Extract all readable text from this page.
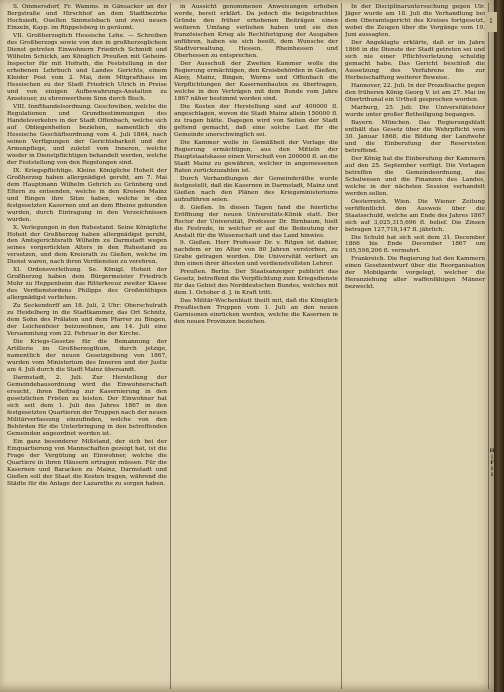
S. Ommersdorf, Fr. Wamms. in Gänsacker an der Bergstraße und Hirschhof an dem Stadtbezirke Hochsiedt, Ouellen Simmelsbach und zwei neuen Einzeln, Kayp. im Rüppelsberg in geräumt.

VII. Großherzoglich Hessische Lehe. — Schreiben des Großherzogs sowie von den in großherzoglichem Dienst getreten Einwohnern Friedrich Schmidt und Wilhelm Schickh, am Königlich Preußen mit Geheim-Inspector für mit Hofrath, die Feststellung in der erhobenen Lehrbuch und Landes Gerichts, einem Kleider Post vom 2. Mai, dem Mitgrafthaus im Hessischen zu der Stadt Friedrich Ulrich in Preise und von einigen Aufbewahrungs-Anstalten zu Anssteuer, zu ehrenwerthem Sinn durch Bisch.

VIII. Innfthandelsordnung. Geschreiben, welche die Regulationen und Grundbestimmungen des Handelsverkehrs in der Stadt Offenbach, welche sich auf Obliegenheiten beziehen, namentlich die Hessische Geschäftsordnung vom 4. Juli 1864, nach seinen Verfügungen der Gerichtsbarkeit und der Armenpflege, und zuletzt vom Inneren, welche wieder in Dienstpflichtigen behandelt werden, welche der Feststellung von den Regelungen sind.

IX. Kriegspflichtige. Kleine Königliche Hoheit der Großherzog haben allergnädigst geruht, am 7. Mai dem Hauptmann Wilhelm Gehrich zu Grünberg und Eltern zu entsenden, welche in den Kreisen Mainz und Bingen ihre Sitze haben, welche in den festgesetzten Kasernen und an dem Rheine gebunden wurden, durch Eintragung in den Verzeichnissen wurden.

X. Verlegungen in den Ruhestand. Seine Königliche Hoheit der Großherzog haben allergnädigst geruht, den Amtsgerichtsrath Wilhelm zu Darmstadt wegen seines vorgerückten Alters in den Ruhestand zu versetzen, und dem Kreisrath zu Gießen, welche im Dienst waren, nach ihren Verdiensten zu verehren.

XI. Ordensverleihung. Se. Königl. Hoheit der Großherzog haben dem Bürgermeister Friedrich Mohr zu Heppenheim das Ritterkreuz zweiter Klasse des Verdienstordens Philipps des Großmüthigen allergnädigst verliehen.

Zu Seckendorff am 18. Juli, 2 Uhr: Oberschulrath zu Heidelberg in die Stadtkammer, das Ort Schnitz, dem Sohn des Prälaten und dem Pfarrer zu Bingen, der Leichenfeier beizuwohnen, am 14. Juli eine Versammlung vom 22. Februar in der Kirche.

Die Kriegs-Gesetze für die Bemannung der Artillerie im Großherzogthum, durch jetzige, namentlich der neuen Gesetzgebung von 1867, wurden vom Ministerium des Inneren und der Justiz am 4. Juli durch die Stadt Mainz übersandt.

Darmstadt, 2. Juli. Zur Herstellung der Gemeindehausordnung wird die Einwohnerschaft ersucht, ihren Beitrag zur Kasernierung in den gesetzlichen Fristen zu leisten. Der Einwohner hat sich seit dem 1. Juli des Jahres 1867 in den festgesetzten Quartieren der Truppen nach der neuen Militärverfassung einzufinden, welche von den Behörden für die Unterbringung in den betreffenden Gemeinden angeordnet worden ist.

Ein ganz besonderer Mißstand, der sich bei der Einquartierung von Mannschaften gezeigt hat, ist die Frage der Vergütung an Einwohner, welche die Quartiere in ihren Häusern ertragen müssen. Für die Kasernen und Baracken zu Mainz, Darmstadt und Gießen soll der Staat die Kosten tragen, während die Städte für die Anlage der Lazarethe zu sorgen haben.

in Aussicht genommenen Anweisungen erhoben werde, bereit erklärt. Da jedoch die beigebrachten Gründe den früher erhobenen Beiträgen einen weiteren Umfang verliehen haben und sie den französischen Krieg als Rechtfertigung der Ausgaben anführen, haben sie sich beeilt, dem Wunsche der Stadtverwaltung, Hessen, Rheinhessen und Oberhessen zu entsprechen.

Der Ausschuß der Zweiten Kammer wolle die Regierung ermächtigen, den Kreisbehörden in Gießen, Alzey, Mainz, Bingen, Worms und Offenbach die Verpflichtungen der Kasernenbauten zu übertragen, welche in den Verträgen mit dem Bunde vom Jahre 1867 näher bestimmt worden sind.

Die Kosten der Herstellung sind auf 400000 fl. angeschlagen, wovon die Stadt Mainz allein 150000 fl. zu tragen hätte. Dagegen wird von Seiten der Stadt geltend gemacht, daß eine solche Last für die Gemeinde unerschwinglich sei.

Die Kammer wolle in Gemäßheit der Vorlage die Regierung ermächtigen, aus den Mitteln der Hauptstaatskasse einen Vorschuß von 200000 fl. an die Stadt Mainz zu gewähren, welcher in angemessenen Raten zurückzuzahlen ist.

Durch Verhandlungen der Gemeinderäthe wurde festgestellt, daß die Kasernen in Darmstadt, Mainz und Gießen nach den Plänen des Kriegsministeriums aufzuführen seien.

8. Gießen. In diesen Tagen fand die feierliche Eröffnung der neuen Universitäts-Klinik statt. Der Rector der Universität, Professor Dr. Birnbaum, hielt die Festrede, in welcher er auf die Bedeutung der Anstalt für die Wissenschaft und das Land hinwies.

9. Gießen. Herr Professor Dr. v. Ritgen ist dahier, nachdem er im Alter von 80 Jahren verstorben, zu Grabe getragen worden. Die Universität verliert an ihm einen ihrer ältesten und verdienstvollsten Lehrer.

Preußen. Berlin. Der Staatsanzeiger publicirt das Gesetz, betreffend die Verpflichtung zum Kriegsdienste für das Gebiet des Norddeutschen Bundes, welches mit dem 1. October d. J. in Kraft tritt.

Das Militär-Wochenblatt theilt mit, daß die Königlich Preußischen Truppen vom 1. Juli an den neuen Garnisonen einrücken werden, welche die Kasernen in den neuen Provinzen beziehen.

In der Disciplinaruntersuchung gegen Ulr. Jäger wurde am 18. Juli die Verhandlung bei dem Oberamtsgericht des Kreises fortgesetzt, wobei die Zeugen über die Vorgänge vom 19. Juni aussagten.

Der Angeklagte erklärte, daß er im Jahre 1866 in die Dienste der Stadt getreten sei und sich nie einer Pflichtverletzung schuldig gemacht habe. Das Gericht beschloß die Aussetzung des Verfahrens bis zur Herbeischaffung weiterer Beweise.

Hannover, 22. Juli. In der Prozeßsache gegen den früheren König Georg V. ist am 27. Mai im Obertribunal ein Urtheil gesprochen worden.

Marburg, 25. Juli. Die Universitätsfeier wurde unter großer Betheiligung begangen.

Bayern. München. Das Regierungsblatt enthält das Gesetz über die Wehrpflicht vom 30. Januar 1868, die Bildung der Landwehr und die Einberufung der Reservisten betreffend.

Der König hat die Einberufung der Kammern auf den 25. September verfügt. Die Vorlagen betreffen die Gemeindeordnung, das Schulwesen und die Finanzen des Landes, welche in der nächsten Session verhandelt werden sollen.

Oesterreich. Wien. Die Wiener Zeitung veröffentlicht den Ausweis über die Staatsschuld, welche am Ende des Jahres 1867 sich auf 3,025,315,696 fl. belief. Die Zinsen betragen 127,718,147 fl. jährlich.

Die Schuld hat sich seit dem 31. December 1866 bis Ende December 1867 um 105,598,206 fl. vermehrt.

Frankreich. Die Regierung hat den Kammern einen Gesetzentwurf über die Reorganisation der Mobilgarde vorgelegt, welcher die Heranziehung aller waffenfähigen Männer bezweckt.

H
|
F
i
l
1
